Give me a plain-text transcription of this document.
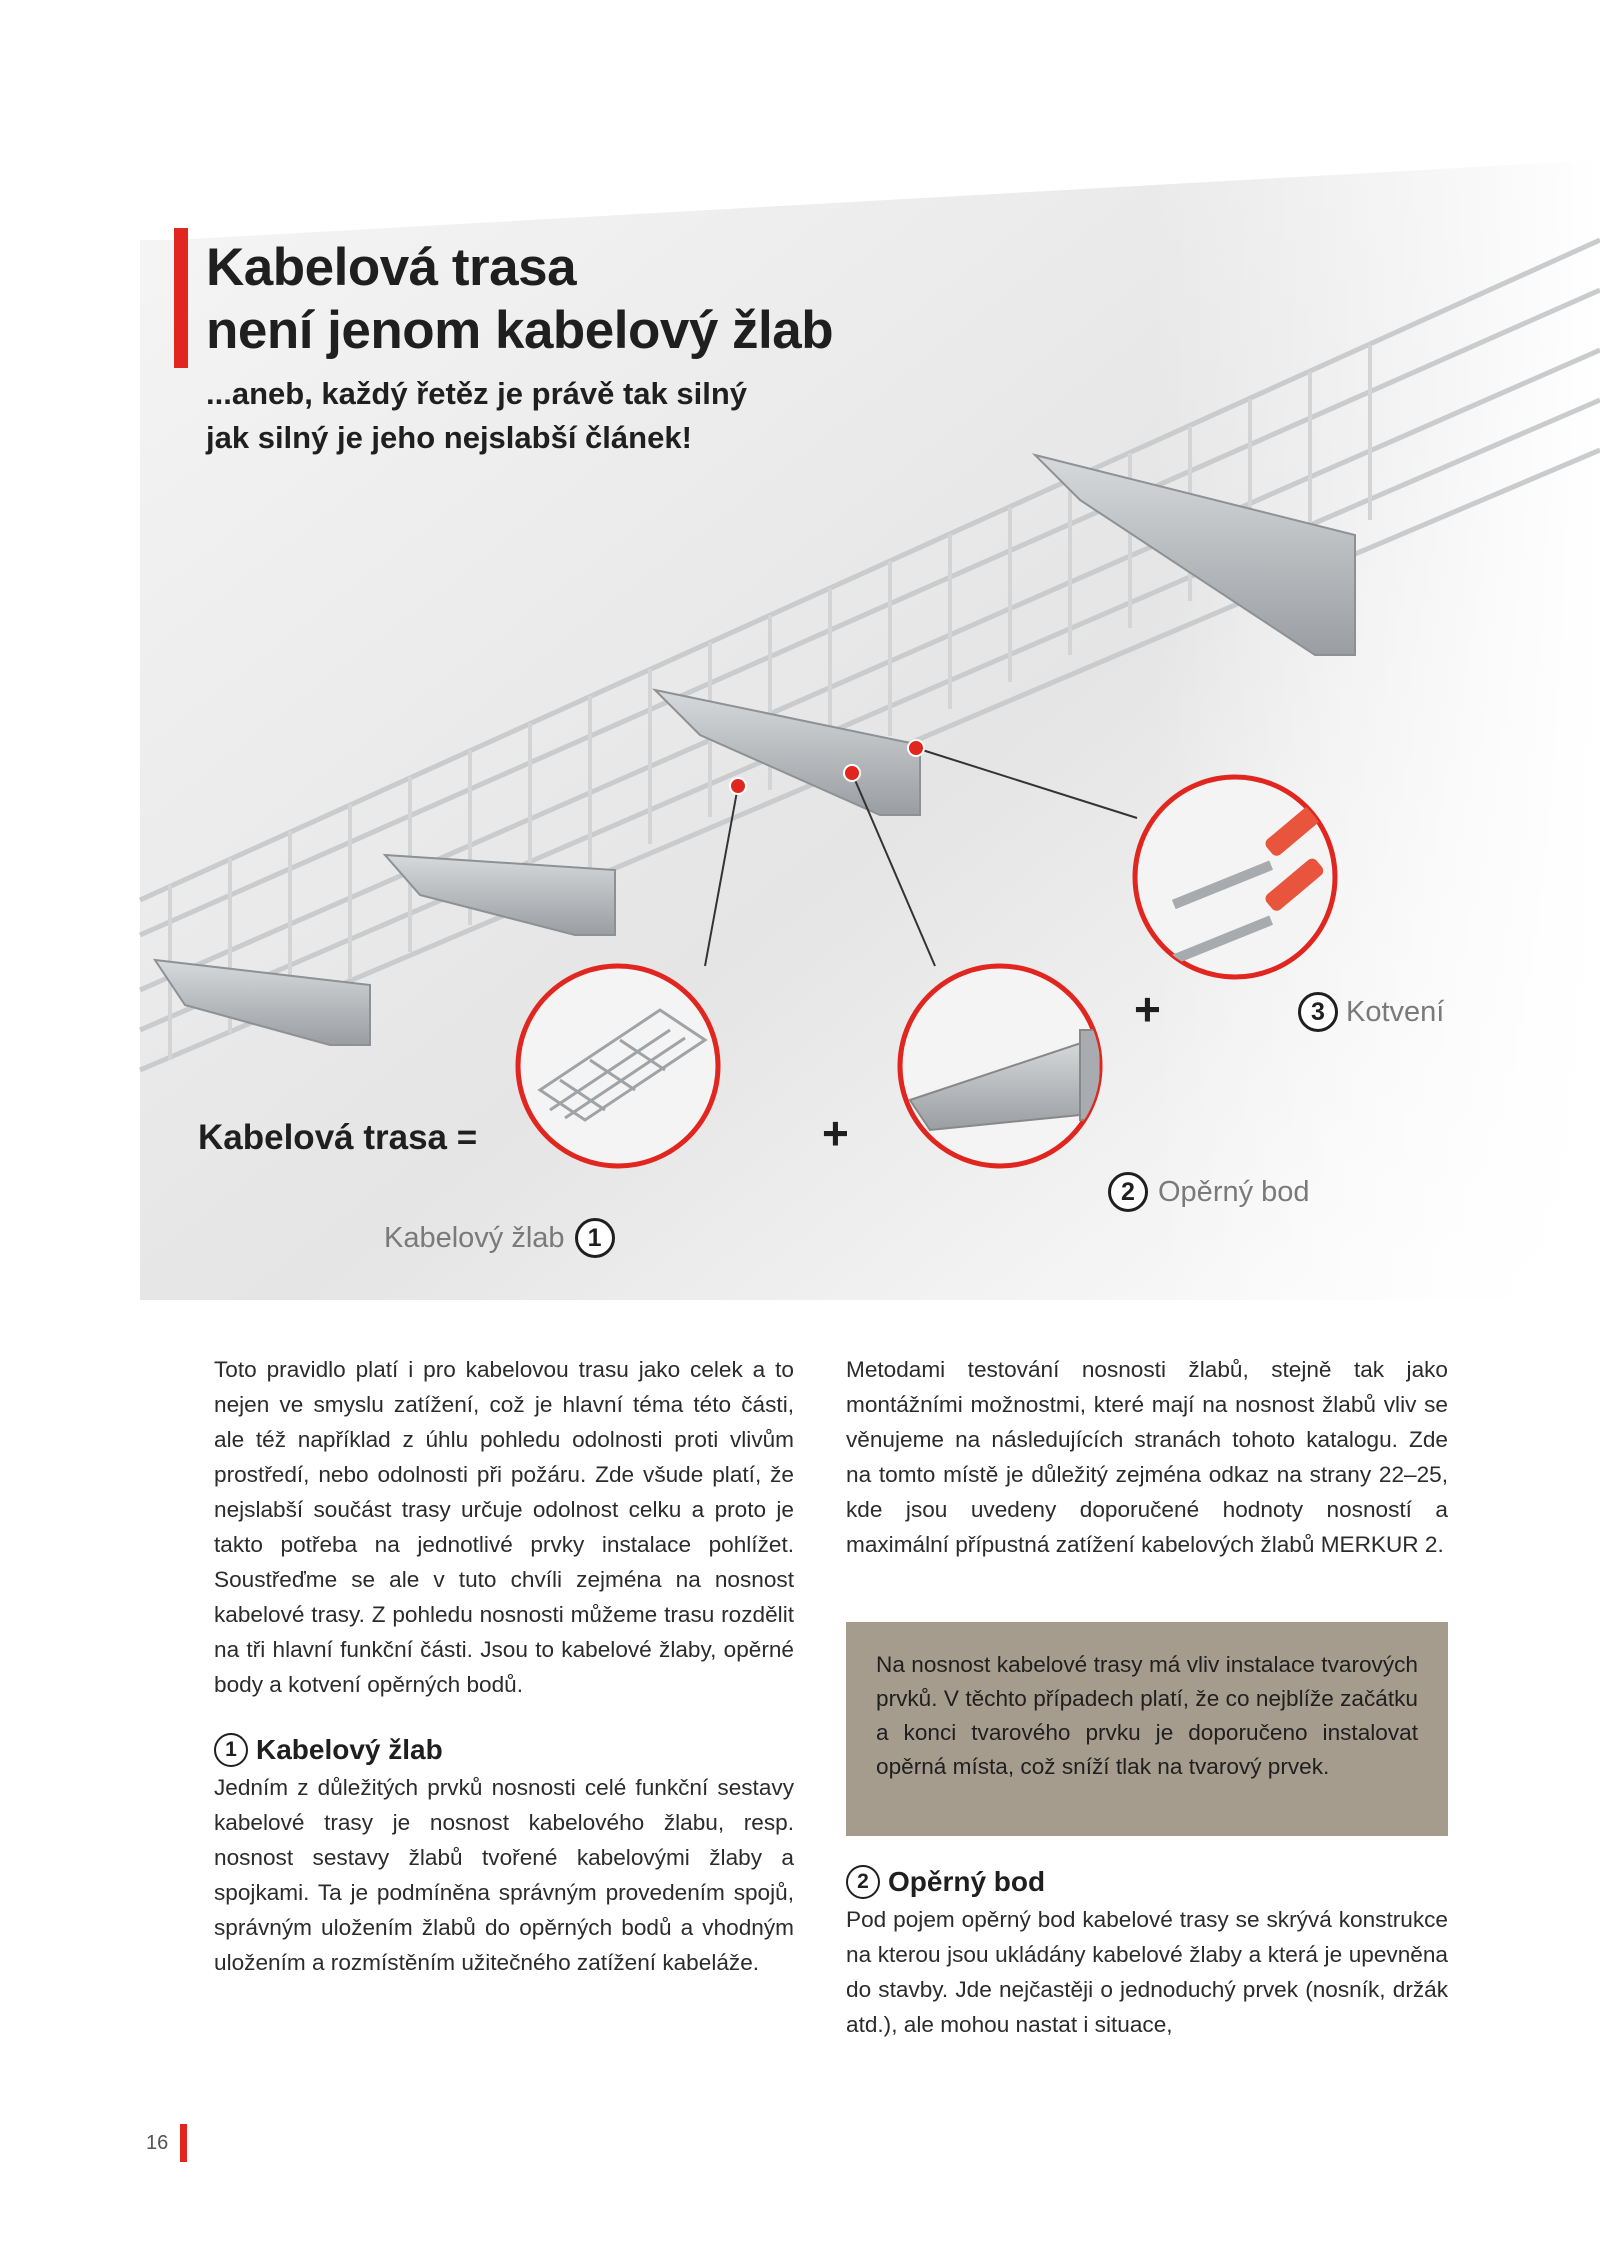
Kabelová trasa
není jenom kabelový žlab
...aneb, každý řetěz je právě tak silný
jak silný je jeho nejslabší článek!
Kabelová trasa =	+
+
Kabelový žlab 1
2 Opěrný bod
3 Kotvení

Toto pravidlo platí i pro kabelovou trasu jako celek a to nejen ve smyslu zatížení, což je hlavní téma této části, ale též například z úhlu pohledu odolnosti proti vlivům prostředí, nebo odolnosti při požáru. Zde všude platí, že nejslabší součást trasy určuje odolnost celku a proto je takto potřeba na jednotlivé prvky instalace pohlížet. Soustřeďme se ale v tuto chvíli zejména na nosnost kabelové trasy. Z pohledu nosnosti můžeme trasu rozdělit na tři hlavní funkční části. Jsou to kabelové žlaby, opěrné body a kotvení opěrných bodů.

1 Kabelový žlab

Jedním z důležitých prvků nosnosti celé funkční sestavy kabelové trasy je nosnost kabelového žlabu, resp. nosnost sestavy žlabů tvořené kabelovými žlaby a spojkami. Ta je podmíněna správným provedením spojů, správným uložením žlabů do opěrných bodů a vhodným uložením a rozmístěním užitečného zatížení kabeláže.

Metodami testování nosnosti žlabů, stejně tak jako montážními možnostmi, které mají na nosnost žlabů vliv se věnujeme na následujících stranách tohoto katalogu. Zde na tomto místě je důležitý zejména odkaz na strany 22–25, kde jsou uvedeny doporučené hodnoty nosností a maximální přípustná zatížení kabelových žlabů MERKUR 2.

Na nosnost kabelové trasy má vliv instalace tvarových prvků. V těchto případech platí, že co nejblíže začátku a konci tvarového prvku je doporučeno instalovat opěrná místa, což sníží tlak na tvarový prvek.
2 Opěrný bod

Pod pojem opěrný bod kabelové trasy se skrývá konstrukce na kterou jsou ukládány kabelové žlaby a která je upevněna do stavby. Jde nejčastěji o jednoduchý prvek (nosník, držák atd.), ale mohou nastat i situace,

16
